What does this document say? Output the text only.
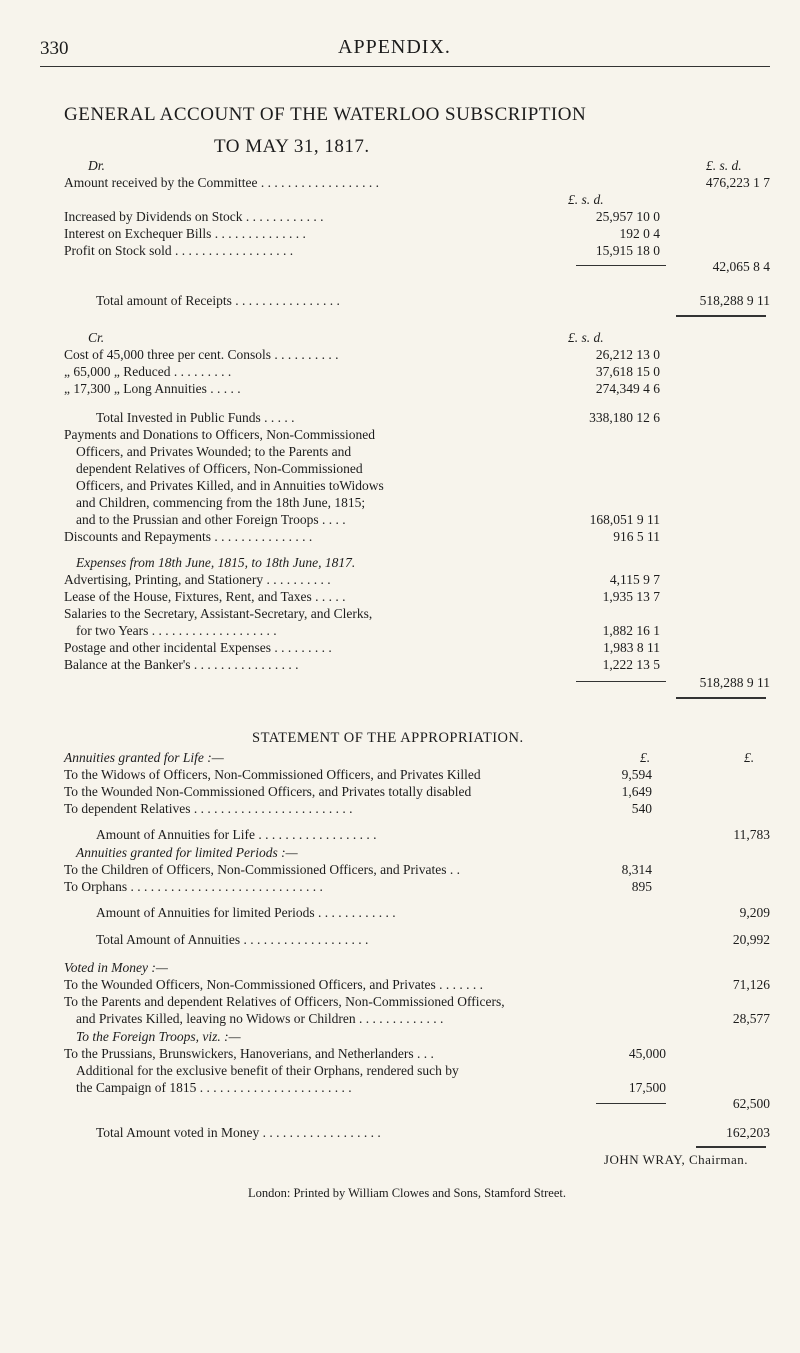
330	APPENDIX.
GENERAL ACCOUNT OF THE WATERLOO SUBSCRIPTION
TO MAY 31, 1817.
Dr.	£. s. d.
Amount received by the Committee . . . . . . . . . . . . . . . . . .	476,223 1 7
£. s. d.
Increased by Dividends on Stock . . . . . . . . . . . .	25,957 10 0
Interest on Exchequer Bills . . . . . . . . . . . . . .	192 0 4
Profit on Stock sold . . . . . . . . . . . . . . . . . .	15,915 18 0
42,065 8 4
Total amount of Receipts . . . . . . . . . . . . . . . .	518,288 9 11
Cr.	£. s. d.
Cost of 45,000 three per cent. Consols . . . . . . . . . .	26,212 13 0
„ 65,000 „ Reduced . . . . . . . . .	37,618 15 0
„ 17,300 „ Long Annuities . . . . .	274,349 4 6
Total Invested in Public Funds . . . . .	338,180 12 6
Payments and Donations to Officers, Non-Commissioned
Officers, and Privates Wounded; to the Parents and
dependent Relatives of Officers, Non-Commissioned
Officers, and Privates Killed, and in Annuities toWidows
and Children, commencing from the 18th June, 1815;
and to the Prussian and other Foreign Troops . . . .	168,051 9 11
Discounts and Repayments . . . . . . . . . . . . . . .	916 5 11
Expenses from 18th June, 1815, to 18th June, 1817.
Advertising, Printing, and Stationery . . . . . . . . . .	4,115 9 7
Lease of the House, Fixtures, Rent, and Taxes . . . . .	1,935 13 7
Salaries to the Secretary, Assistant-Secretary, and Clerks,
for two Years . . . . . . . . . . . . . . . . . . .	1,882 16 1
Postage and other incidental Expenses . . . . . . . . .	1,983 8 11
Balance at the Banker's . . . . . . . . . . . . . . . .	1,222 13 5
518,288 9 11
STATEMENT OF THE APPROPRIATION.
Annuities granted for Life :—	£.	£.
To the Widows of Officers, Non-Commissioned Officers, and Privates Killed	9,594
To the Wounded Non-Commissioned Officers, and Privates totally disabled	1,649
To dependent Relatives . . . . . . . . . . . . . . . . . . . . . . . .	540
Amount of Annuities for Life . . . . . . . . . . . . . . . . . .	11,783
Annuities granted for limited Periods :—
To the Children of Officers, Non-Commissioned Officers, and Privates . .	8,314
To Orphans . . . . . . . . . . . . . . . . . . . . . . . . . . . . .	895
Amount of Annuities for limited Periods . . . . . . . . . . . .	9,209
Total Amount of Annuities . . . . . . . . . . . . . . . . . . .	20,992
Voted in Money :—
To the Wounded Officers, Non-Commissioned Officers, and Privates . . . . . . .	71,126
To the Parents and dependent Relatives of Officers, Non-Commissioned Officers,
and Privates Killed, leaving no Widows or Children . . . . . . . . . . . . .	28,577
To the Foreign Troops, viz. :—
To the Prussians, Brunswickers, Hanoverians, and Netherlanders . . .	45,000
Additional for the exclusive benefit of their Orphans, rendered such by
the Campaign of 1815 . . . . . . . . . . . . . . . . . . . . . . .	17,500
62,500
Total Amount voted in Money . . . . . . . . . . . . . . . . . .	162,203
JOHN WRAY, Chairman.
London: Printed by William Clowes and Sons, Stamford Street.
